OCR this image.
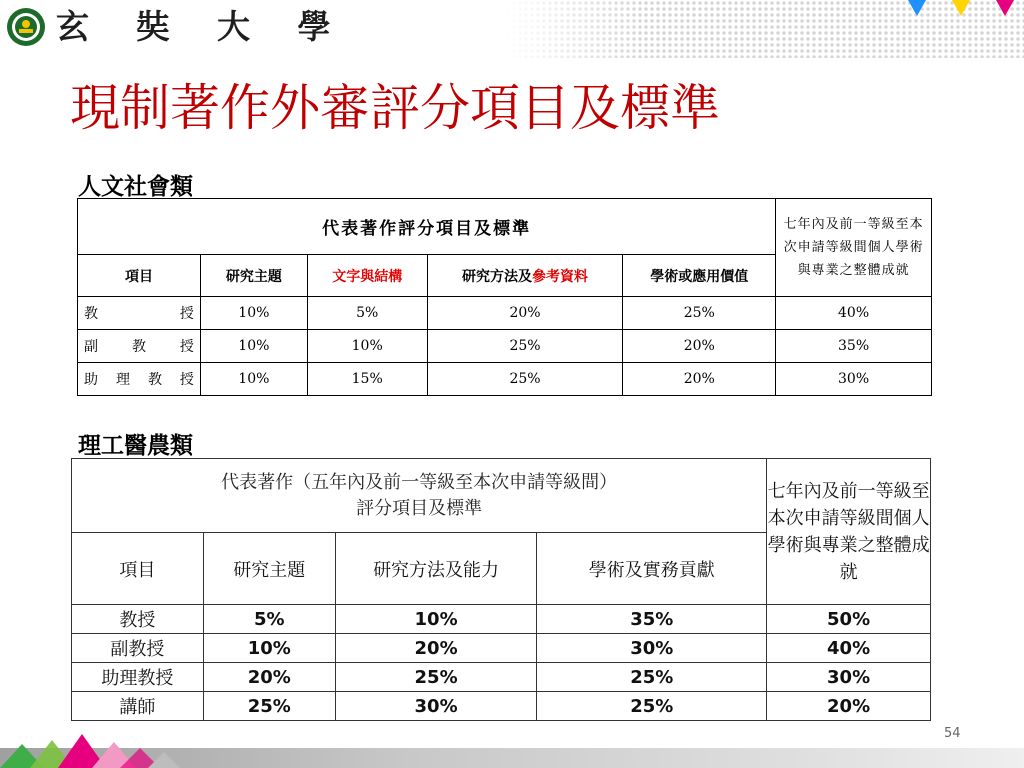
玄 奘 大 學
現制著作外審評分項目及標準
人文社會類
代表著作評分項目及標準					七年內及前一等級至本次申請等級間個人學術與專業之整體成就
項目	研究主題	文字與結構	研究方法及參考資料	學術或應用價值	

教 授	10%	5%	20%	25%	40%

副 教 授	10%	10%	25%	20%	35%

助 理 教 授	10%	15%	25%	20%	30%
理工醫農類
代表著作（五年內及前一等級至本次申請等級間）
評分項目及標準				七年內及前一等級至本次申請等級間個人學術與專業之整體成就
項目	研究主題	研究方法及能力	學術及實務貢獻	
教授	5%	10%	35%	50%
副教授	10%	20%	30%	40%
助理教授	20%	25%	25%	30%
講師	25%	30%	25%	20%
54
